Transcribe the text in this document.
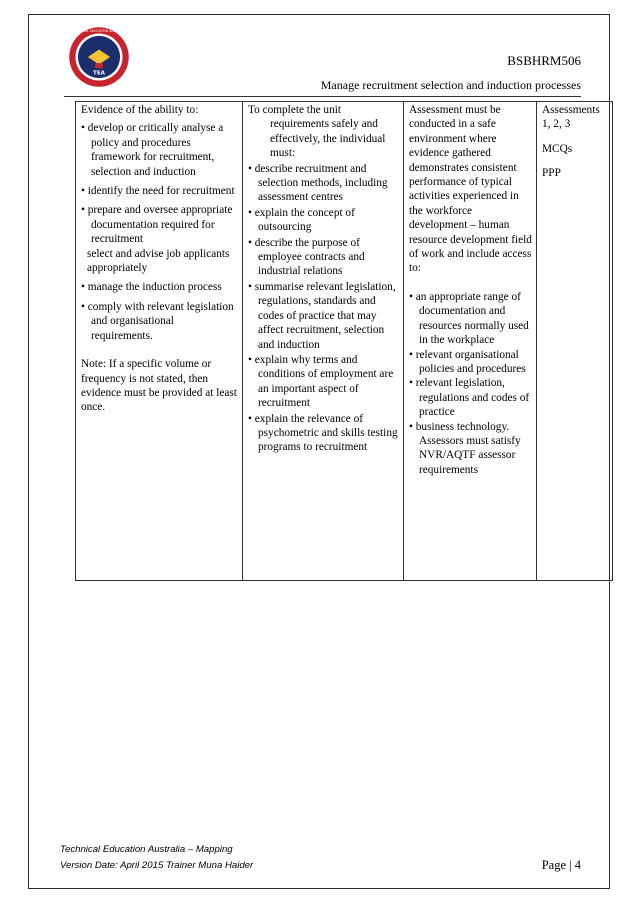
TEA
TECHNICAL EDUCATION AUSTRALIA
BSBHRM506
Manage recruitment selection and induction processes
Evidence of the ability to:
• develop or critically analyse a policy and procedures framework for recruitment, selection and induction
• identify the need for recruitment
• prepare and oversee appropriate documentation required for recruitment
select and advise job applicants appropriately
• manage the induction process
• comply with relevant legislation and organisational requirements.
Note: If a specific volume or frequency is not stated, then evidence must be provided at least once.

To complete the unit requirements safely and effectively, the individual must:
• describe recruitment and selection methods, including assessment centres
• explain the concept of outsourcing
• describe the purpose of employee contracts and industrial relations
• summarise relevant legislation, regulations, standards and codes of practice that may affect recruitment, selection and induction
• explain why terms and conditions of employment are an important aspect of recruitment
• explain the relevance of psychometric and skills testing programs to recruitment

Assessment must be conducted in a safe environment where evidence gathered demonstrates consistent performance of typical activities experienced in the workforce development – human resource development field of work and include access to:
• an appropriate range of documentation and resources normally used in the workplace
• relevant organisational policies and procedures
• relevant legislation, regulations and codes of practice
• business technology. Assessors must satisfy NVR/AQTF assessor requirements

Assessments 1, 2, 3
MCQs
PPP
Technical Education Australia – Mapping
Version Date: April 2015 Trainer Muna Haider	Page | 4
